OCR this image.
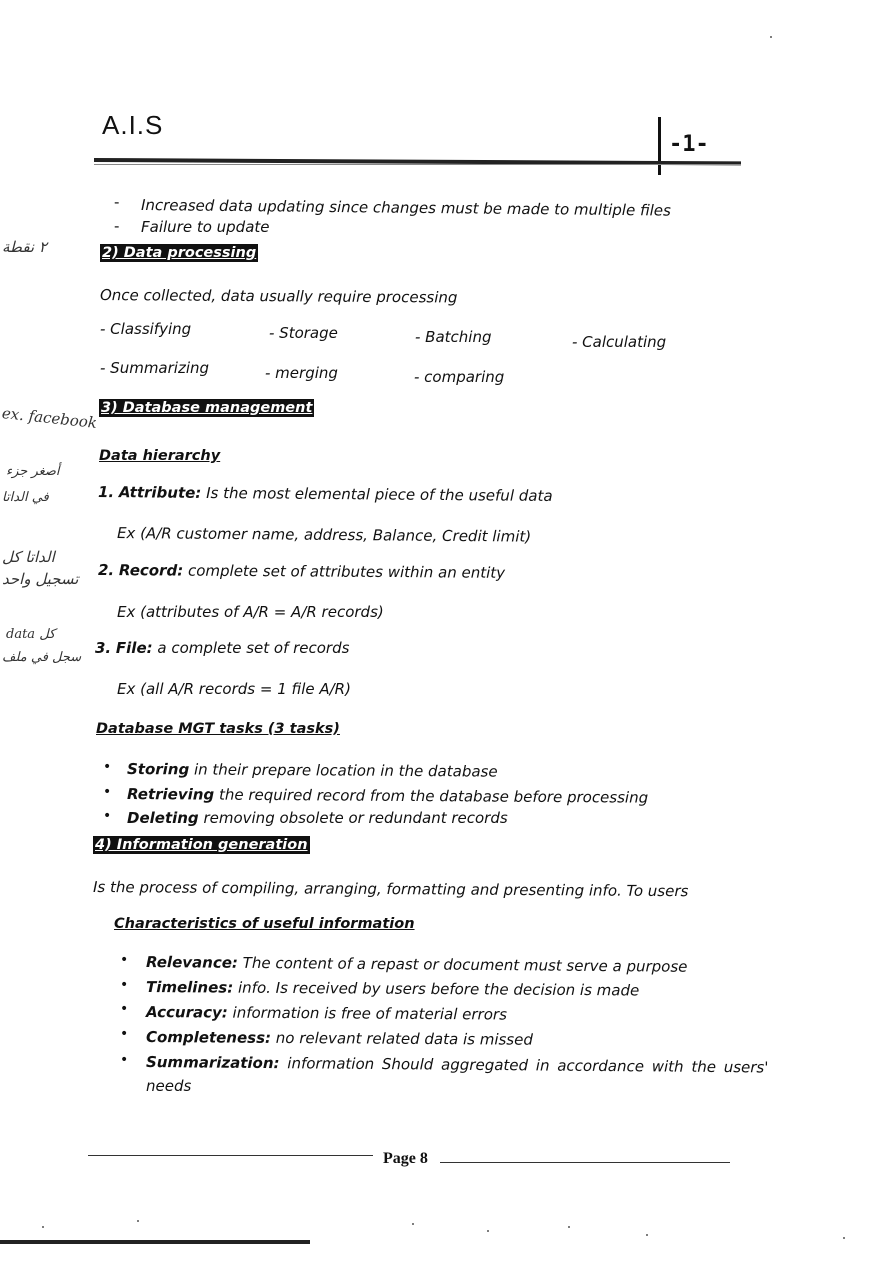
A.I.S
-1-
- Increased data updating since changes must be made to multiple files
- Failure to update
٢ نقطة	2) Data processing
Once collected, data usually require processing
- Classifying	- Storage	- Batching	- Calculating
- Summarizing	- merging	- comparing
ex. facebook 3) Database management
Data hierarchy
أصغر جزء
في الداتا	1. Attribute: Is the most elemental piece of the useful data
Ex (A/R customer name, address, Balance, Credit limit)
الداتا كل
تسجيل واحد 2. Record: complete set of attributes within an entity
Ex (attributes of A/R = A/R records)
data كل
سجل في ملف
3. File: a complete set of records
Ex (all A/R records = 1 file A/R)
Database MGT tasks (3 tasks)
• Storing in their prepare location in the database
• Retrieving the required record from the database before processing
• Deleting removing obsolete or redundant records
4) Information generation
Is the process of compiling, arranging, formatting and presenting info. To users
Characteristics of useful information
• Relevance: The content of a repast or document must serve a purpose
• Timelines: info. Is received by users before the decision is made
• Accuracy: information is free of material errors
• Completeness: no relevant related data is missed
• Summarization: information Should aggregated in accordance with the users'
needs
Page 8
